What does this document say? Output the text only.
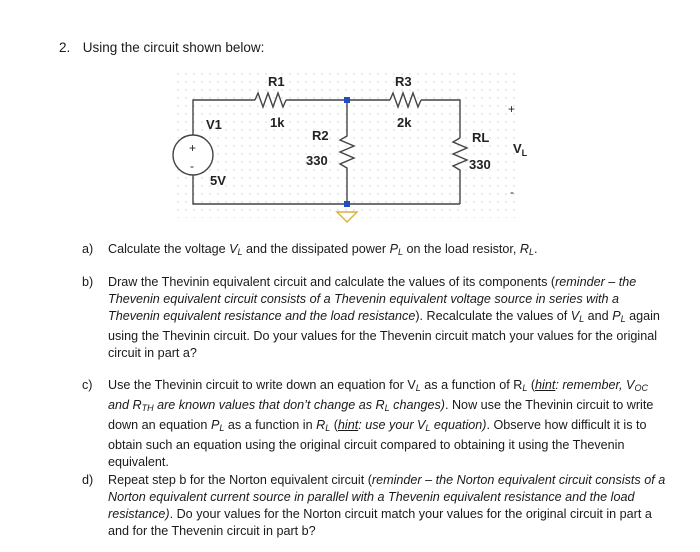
2. Using the circuit shown below:
+
-
R1
1k
R3
2k
R2
330
RL
330
V1
5V
+
$V_L$
-
a) Calculate the voltage $V_L$ and the dissipated power $P_L$ on the load resistor, $R_L$.
b) Draw the Thevinin equivalent circuit and calculate the values of its components (reminder – the Thevenin equivalent circuit consists of a Thevenin equivalent voltage source in series with a Thevenin equivalent resistance and the load resistance). Recalculate the values of $V_L$ and $P_L$ again using the Thevinin circuit. Do your values for the Thevenin circuit match your values for the original circuit in part a?
c) Use the Thevinin circuit to write down an equation for $V_L$ as a function of $R_L$ (hint: remember, $V_{OC}$ and $R_{TH}$ are known values that don’t change as $R_L$ changes). Now use the Thevinin circuit to write down an equation $P_L$ as a function in $R_L$ (hint: use your $V_L$ equation). Observe how difficult it is to obtain such an equation using the original circuit compared to obtaining it using the Thevenin equivalent.
d) Repeat step b for the Norton equivalent circuit (reminder – the Norton equivalent circuit consists of a Norton equivalent current source in parallel with a Thevenin equivalent resistance and the load resistance). Do your values for the Norton circuit match your values for the original circuit in part a and for the Thevenin circuit in part b?
